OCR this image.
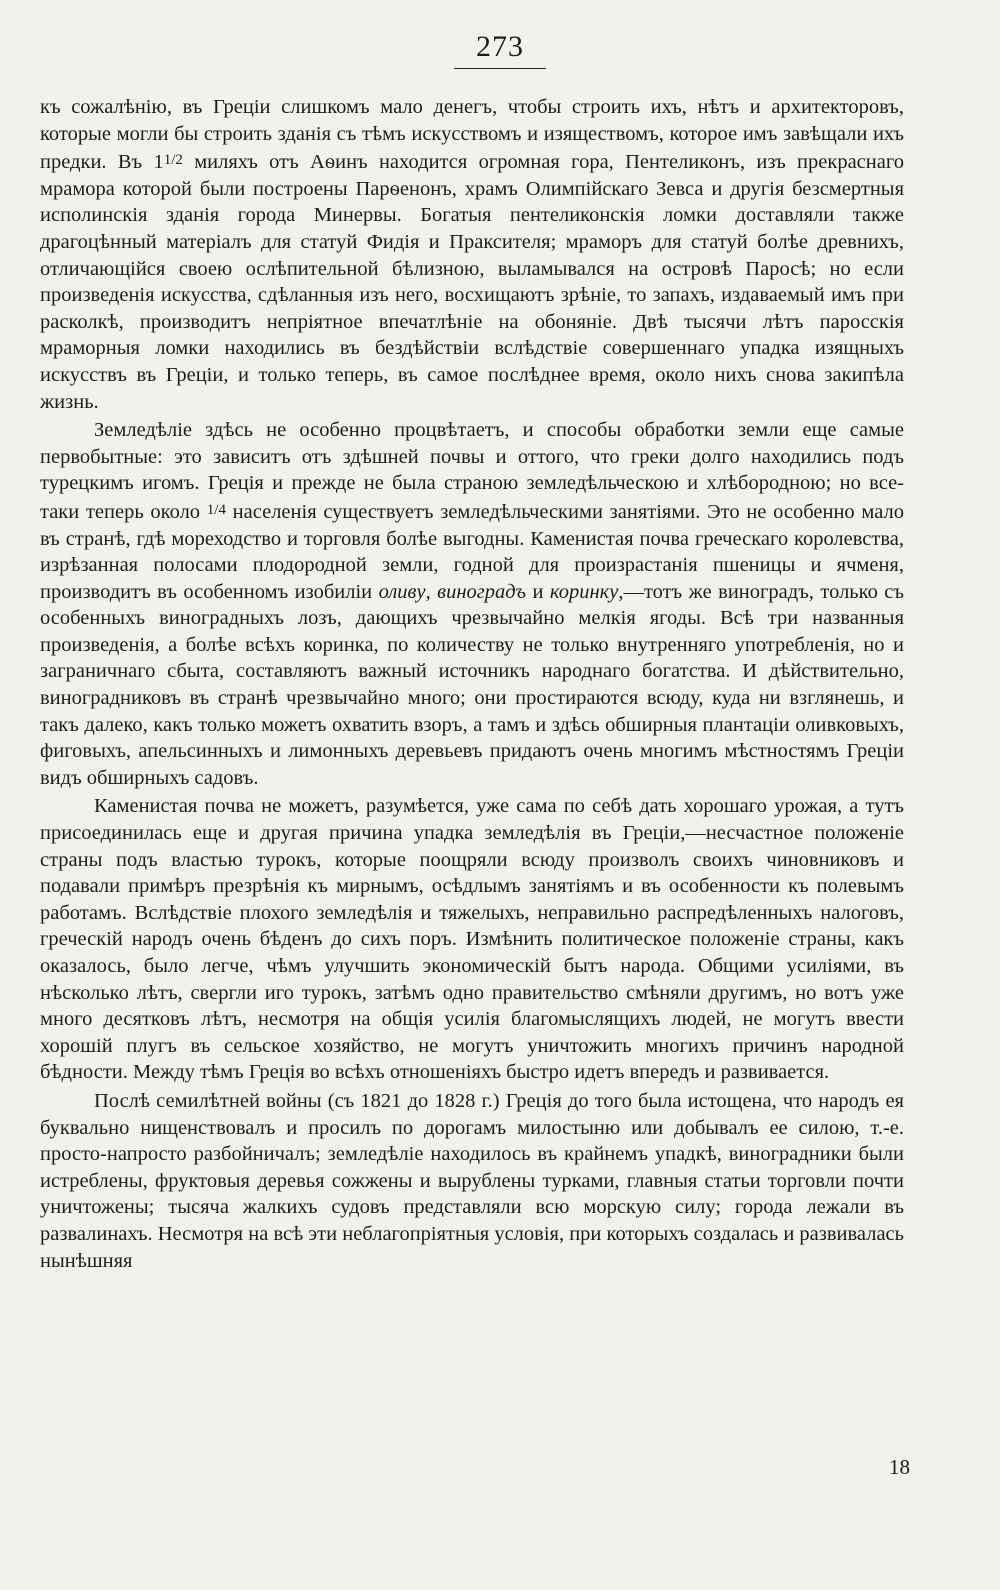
273

къ сожалѣнію, въ Греціи слишкомъ мало денегъ, чтобы строить ихъ, нѣтъ и архитекторовъ, которые могли бы строить зданія съ тѣмъ искусствомъ и изяществомъ, которое имъ завѣщали ихъ предки. Въ 11/2 миляхъ отъ Аѳинъ находится огромная гора, Пентеликонъ, изъ прекраснаго мрамора которой были построены Парѳенонъ, храмъ Олимпійскаго Зевса и другія безсмертныя исполинскія зданія города Минервы. Богатыя пентеликонскія ломки доставляли также драгоцѣнный матеріалъ для статуй Фидія и Праксителя; мраморъ для статуй болѣе древнихъ, отличающійся своею ослѣпительной бѣлизною, выламывался на островѣ Паросѣ; но если произведенія искусства, сдѣланныя изъ него, восхищаютъ зрѣніе, то запахъ, издаваемый имъ при расколкѣ, производитъ непріятное впечатлѣніе на обоняніе. Двѣ тысячи лѣтъ паросскія мраморныя ломки находились въ бездѣйствіи вслѣдствіе совершеннаго упадка изящныхъ искусствъ въ Греціи, и только теперь, въ самое послѣднее время, около нихъ снова закипѣла жизнь.

Земледѣліе здѣсь не особенно процвѣтаетъ, и способы обработки земли еще самые первобытные: это зависитъ отъ здѣшней почвы и оттого, что греки долго находились подъ турецкимъ игомъ. Греція и прежде не была страною земледѣльческою и хлѣбородною; но все-таки теперь около 1/4 населенія существуетъ земледѣльческими занятіями. Это не особенно мало въ странѣ, гдѣ мореходство и торговля болѣе выгодны. Каменистая почва греческаго королевства, изрѣзанная полосами плодородной земли, годной для произрастанія пшеницы и ячменя, производитъ въ особенномъ изобиліи оливу, виноградъ и коринку,—тотъ же виноградъ, только съ особенныхъ виноградныхъ лозъ, дающихъ чрезвычайно мелкія ягоды. Всѣ три названныя произведенія, а болѣе всѣхъ коринка, по количеству не только внутренняго употребленія, но и заграничнаго сбыта, составляютъ важный источникъ народнаго богатства. И дѣйствительно, виноградниковъ въ странѣ чрезвычайно много; они простираются всюду, куда ни взглянешь, и такъ далеко, какъ только можетъ охватить взоръ, а тамъ и здѣсь обширныя плантаціи оливковыхъ, фиговыхъ, апельсинныхъ и лимонныхъ деревьевъ придаютъ очень многимъ мѣстностямъ Греціи видъ обширныхъ садовъ.

Каменистая почва не можетъ, разумѣется, уже сама по себѣ дать хорошаго урожая, а тутъ присоединилась еще и другая причина упадка земледѣлія въ Греціи,—несчастное положеніе страны подъ властью турокъ, которые поощряли всюду произволъ своихъ чиновниковъ и подавали примѣръ презрѣнія къ мирнымъ, осѣдлымъ занятіямъ и въ особенности къ полевымъ работамъ. Вслѣдствіе плохого земледѣлія и тяжелыхъ, неправильно распредѣленныхъ налоговъ, греческій народъ очень бѣденъ до сихъ поръ. Измѣнить политическое положеніе страны, какъ оказалось, было легче, чѣмъ улучшить экономическій бытъ народа. Общими усиліями, въ нѣсколько лѣтъ, свергли иго турокъ, затѣмъ одно правительство смѣняли другимъ, но вотъ уже много десятковъ лѣтъ, несмотря на общія усилія благомыслящихъ людей, не могутъ ввести хорошій плугъ въ сельское хозяйство, не могутъ уничтожить многихъ причинъ народной бѣдности. Между тѣмъ Греція во всѣхъ отношеніяхъ быстро идетъ впередъ и развивается.

Послѣ семилѣтней войны (съ 1821 до 1828 г.) Греція до того была истощена, что народъ ея буквально нищенствовалъ и просилъ по дорогамъ милостыню или добывалъ ее силою, т.-е. просто-напросто разбойничалъ; земледѣліе находилось въ крайнемъ упадкѣ, виноградники были истреблены, фруктовыя деревья сожжены и вырублены турками, главныя статьи торговли почти уничтожены; тысяча жалкихъ судовъ представляли всю морскую силу; города лежали въ развалинахъ. Несмотря на всѣ эти неблагопріятныя условія, при которыхъ создалась и развивалась нынѣшняя

18
